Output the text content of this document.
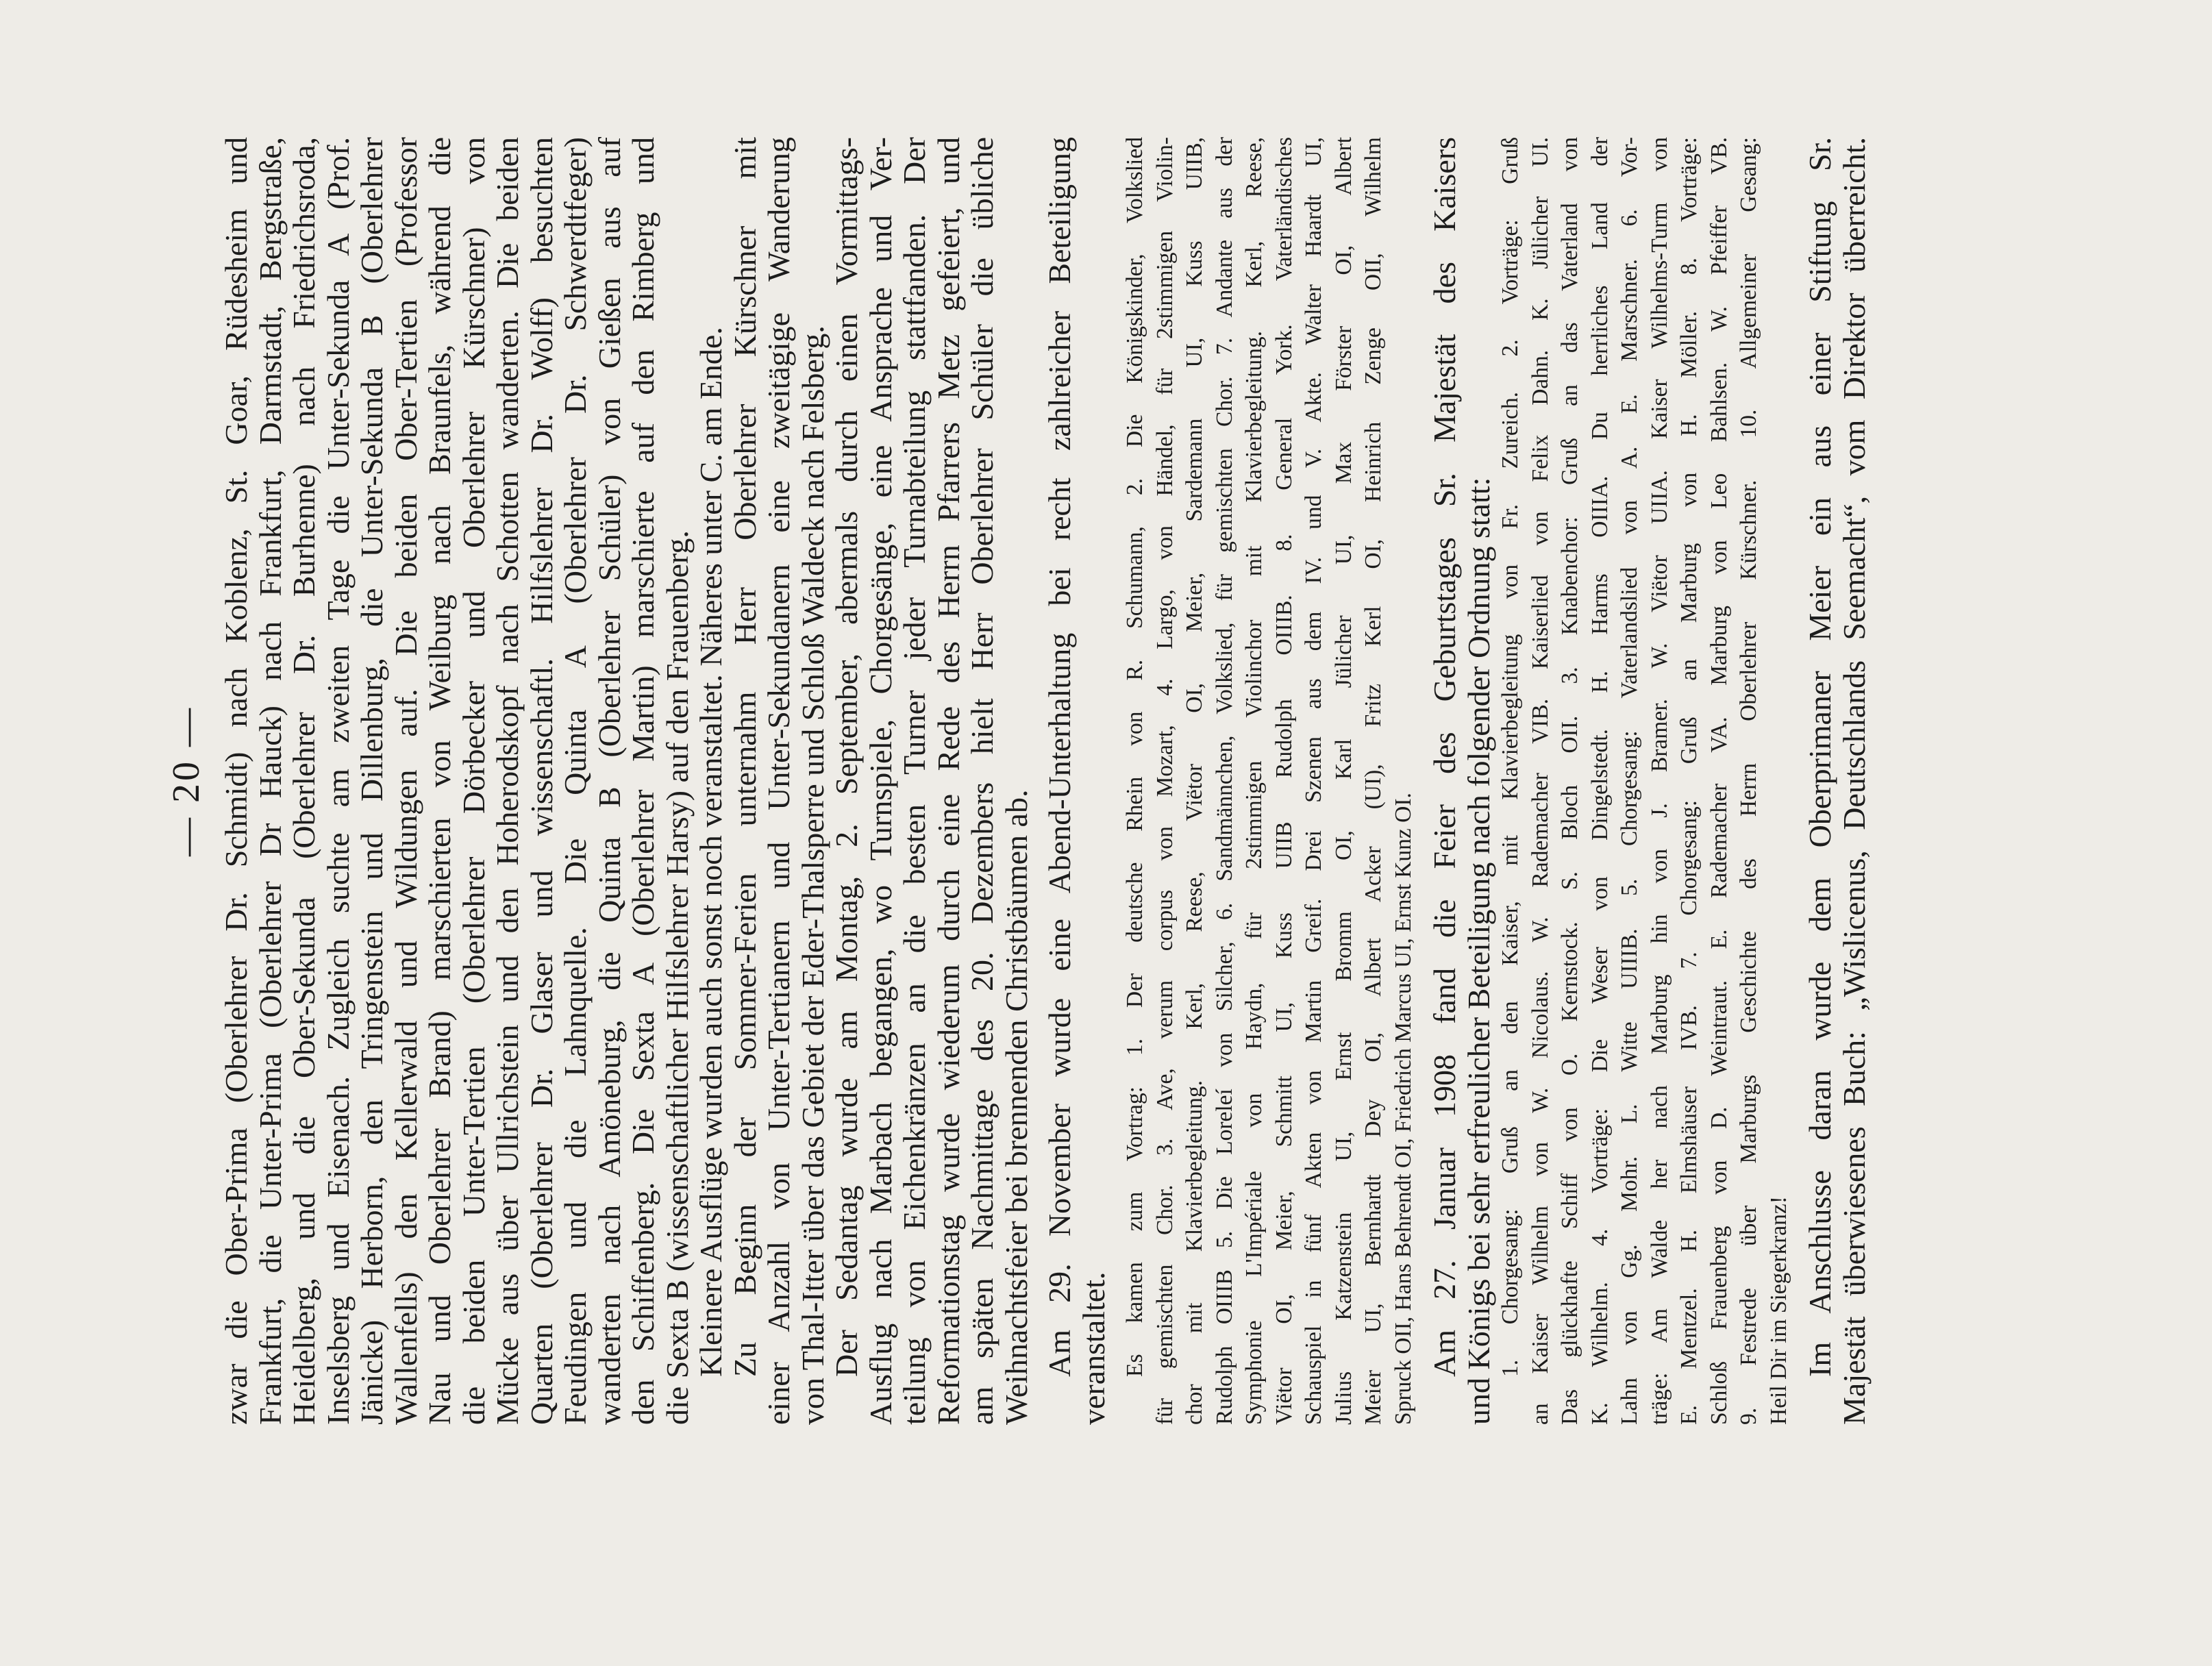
— 20 — zwar die Ober-Prima (Oberlehrer Dr. Schmidt) nach Koblenz, St. Goar, Rüdesheim und
Frankfurt, die Unter-Prima (Oberlehrer Dr Hauck) nach Frankfurt, Darmstadt, Bergstraße,
Heidelberg, und die Ober-Sekunda (Oberlehrer Dr. Burhenne) nach Friedrichsroda,
Inselsberg und Eisenach. Zugleich suchte am zweiten Tage die Unter-Sekunda A (Prof.
Jänicke) Herborn, den Tringenstein und Dillenburg, die Unter-Sekunda B (Oberlehrer
Wallenfells) den Kellerwald und Wildungen auf. Die beiden Ober-Tertien (Professor
Nau und Oberlehrer Brand) marschierten von Weilburg nach Braunfels, während die
die beiden Unter-Tertien (Oberlehrer Dörbecker und Oberlehrer Kürschner) von
Mücke aus über Ullrichstein und den Hoherodskopf nach Schotten wanderten. Die beiden
Quarten (Oberlehrer Dr. Glaser und wissenschaftl. Hilfslehrer Dr. Wolff) besuchten
Feudingen und die Lahnquelle. Die Quinta A (Oberlehrer Dr. Schwerdtfeger)
wanderten nach Amöneburg, die Quinta B (Oberlehrer Schüler) von Gießen aus auf
den Schiffenberg. Die Sexta A (Oberlehrer Martin) marschierte auf den Rimberg und
die Sexta B (wissenschaftlicher Hilfslehrer Harsy) auf den Frauenberg.
Kleinere Ausflüge wurden auch sonst noch veranstaltet. Näheres unter C. am Ende.
Zu Beginn der Sommer-Ferien unternahm Herr Oberlehrer Kürschner mit
einer Anzahl von Unter-Tertianern und Unter-Sekundanern eine zweitägige Wanderung
von Thal-Itter über das Gebiet der Eder-Thalsperre und Schloß Waldeck nach Felsberg.
Der Sedantag wurde am Montag, 2. September, abermals durch einen Vormittags-
Ausflug nach Marbach begangen, wo Turnspiele, Chorgesänge, eine Ansprache und Ver-
teilung von Eichenkränzen an die besten Turner jeder Turnabteilung stattfanden. Der
Reformationstag wurde wiederum durch eine Rede des Herrn Pfarrers Metz gefeiert, und
am späten Nachmittage des 20. Dezembers hielt Herr Oberlehrer Schüler die übliche
Weihnachtsfeier bei brennenden Christbäumen ab. Am 29. November wurde eine Abend-Unterhaltung bei recht zahlreicher Beteiligung
veranstaltet. Es kamen zum Vortrag: 1. Der deutsche Rhein von R. Schumann, 2. Die Königskinder, Volkslied für gemischten Chor. 3. Ave, verum corpus von Mozart, 4. Largo, von Händel, für 2stimmigen Violin- chor mit Klavierbegleitung. Kerl, Reese, Viëtor OI, Meier, Sardemann UI, Kuss UIIB, Rudolph OIIIB 5. Die Loreleí von Silcher, 6. Sandmännchen, Volkslied, für gemischten Chor. 7. Andante aus der Symphonie L'Impériale von Haydn, für 2stimmigen Violinchor mit Klavierbegleitung. Kerl, Reese, Viëtor OI, Meier, Schmitt UI, Kuss UIIB Rudolph OIIIB. 8. General York. Vaterländisches Schauspiel in fünf Akten von Martin Greif. Drei Szenen aus dem IV. und V. Akte. Walter Haardt UI, Julius Katzenstein UI, Ernst Bromm OI, Karl Jülicher UI, Max Förster OI, Albert Meier UI, Bernhardt Dey OI, Albert Acker (UI), Fritz Kerl OI, Heinrich Zenge OII, Wilhelm Spruck OII, Hans Behrendt OI, Friedrich Marcus UI, Ernst Kunz OI. Am 27. Januar 1908 fand die Feier des Geburtstages Sr. Majestät des Kaisers
und Königs bei sehr erfreulicher Beteiligung nach folgender Ordnung statt: 1. Chorgesang: Gruß an den Kaiser, mit Klavierbegleitung von Fr. Zureich. 2. Vorträge: Gruß an Kaiser Wilhelm von W. Nicolaus. W. Rademacher VIB. Kaiserlied von Felix Dahn. K. Jülicher UI. Das glückhafte Schiff von O. Kernstock. S. Bloch OII. 3. Knabenchor: Gruß an das Vaterland von K. Wilhelm. 4. Vorträge: Die Weser von Dingelstedt. H. Harms OIIIA. Du herrliches Land der Lahn von Gg. Mohr. L. Witte UIIIB. 5. Chorgesang: Vaterlandslied von A. E. Marschner. 6. Vor- träge: Am Walde her nach Marburg hin von J. Bramer. W. Viëtor UIIA. Kaiser Wilhelms-Turm von E. Mentzel. H. Elmshäuser IVB. 7. Chorgesang: Gruß an Marburg von H. Möller. 8. Vorträge: Schloß Frauenberg von D. Weintraut. E. Rademacher VA. Marburg von Leo Bahlsen. W. Pfeiffer VB. 9. Festrede über Marburgs Geschichte des Herrn Oberlehrer Kürschner. 10. Allgemeiner Gesang: Heil Dir im Siegerkranz! Im Anschlusse daran wurde dem Oberprimaner Meier ein aus einer Stiftung Sr.
Majestät überwiesenes Buch: „Wislicenus, Deutschlands Seemacht“, vom Direktor überreicht.
